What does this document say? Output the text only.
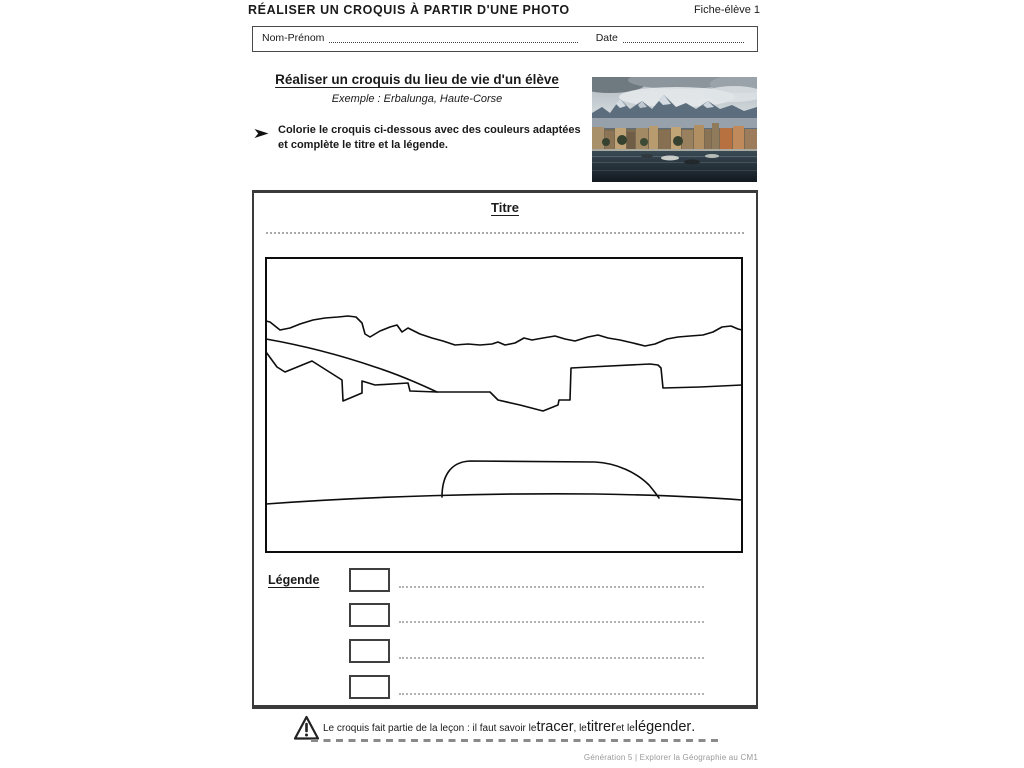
RÉALISER UN CROQUIS À PARTIR D'UNE PHOTO	Fiche-élève 1
Nom-Prénom	Date
Réaliser un croquis du lieu de vie d'un élève
Exemple : Erbalunga, Haute-Corse
Colorie le croquis ci-dessous avec des couleurs adaptées
et complète le titre et la légende.
Titre
Légende
Le croquis fait partie de la leçon : il faut savoir le tracer , le titrer et le légender .
Génération 5 | Explorer la Géographie au CM1
